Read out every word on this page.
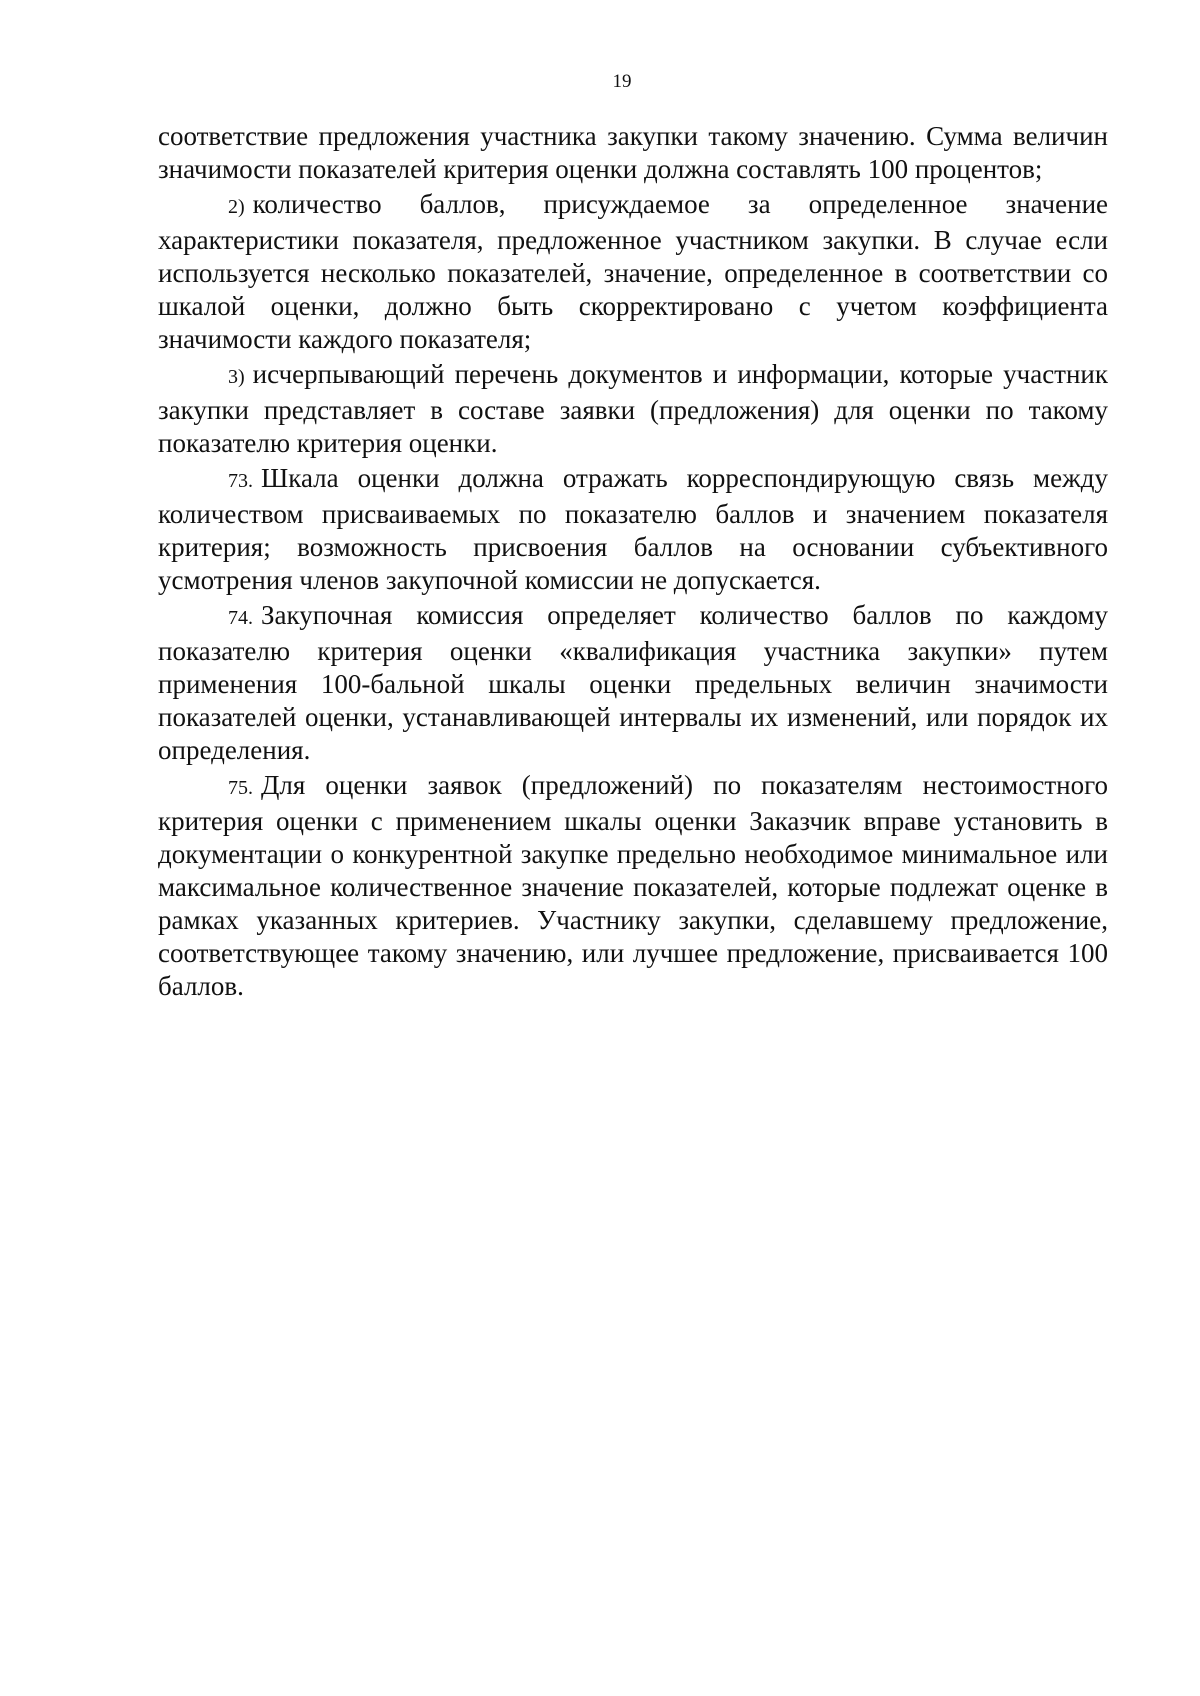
19

соответствие предложения участника закупки такому значению. Сумма величин значимости показателей критерия оценки должна составлять 100 процентов;

2) количество баллов, присуждаемое за определенное значение характеристики показателя, предложенное участником закупки. В случае если используется несколько показателей, значение, определенное в соответствии со шкалой оценки, должно быть скорректировано с учетом коэффициента значимости каждого показателя;

3) исчерпывающий перечень документов и информации, которые участник закупки представляет в составе заявки (предложения) для оценки по такому показателю критерия оценки.

73. Шкала оценки должна отражать корреспондирующую связь между количеством присваиваемых по показателю баллов и значением показателя критерия; возможность присвоения баллов на основании субъективного усмотрения членов закупочной комиссии не допускается.

74. Закупочная комиссия определяет количество баллов по каждому показателю критерия оценки «квалификация участника закупки» путем применения 100-бальной шкалы оценки предельных величин значимости показателей оценки, устанавливающей интервалы их изменений, или порядок их определения.

75. Для оценки заявок (предложений) по показателям нестоимостного критерия оценки с применением шкалы оценки Заказчик вправе установить в документации о конкурентной закупке предельно необходимое минимальное или максимальное количественное значение показателей, которые подлежат оценке в рамках указанных критериев. Участнику закупки, сделавшему предложение, соответствующее такому значению, или лучшее предложение, присваивается 100 баллов.
